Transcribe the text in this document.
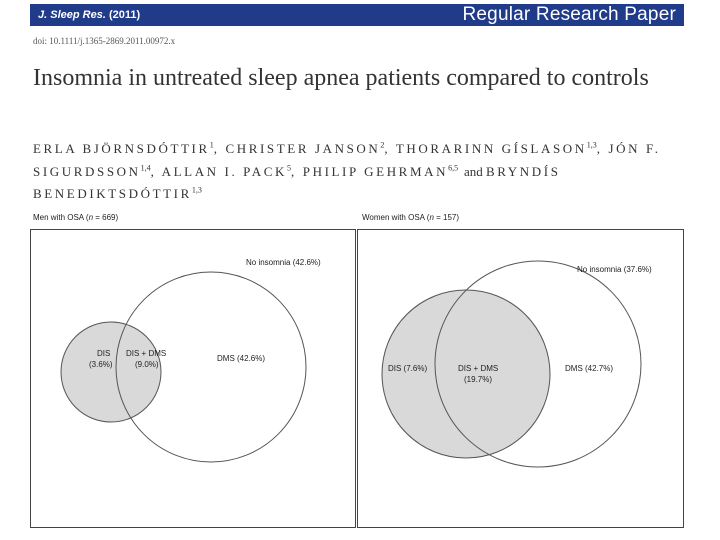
J. Sleep Res. (2011)	Regular Research Paper
doi: 10.1111/j.1365-2869.2011.00972.x
Insomnia in untreated sleep apnea patients compared to controls
ERLA BJÖRNSDÓTTIR$^1$, CHRISTER JANSON$^2$, THORARINN GÍSLASON$^{1,3}$, JÓN F. SIGURDSSON$^{1,4}$, ALLAN I. PACK$^5$, PHILIP GEHRMAN$^{6,5}$ and BRYNDÍS BENEDIKTSDÓTTIR$^{1,3}$
Men with OSA (n = 669)
No insomnia (42.6%)
DIS
(3.6%)
DIS + DMS
(9.0%)
DMS (42.6%)
Women with OSA (n = 157)
No insomnia (37.6%)
DIS (7.6%)	DIS + DMS
(19.7%)
DMS (42.7%)
